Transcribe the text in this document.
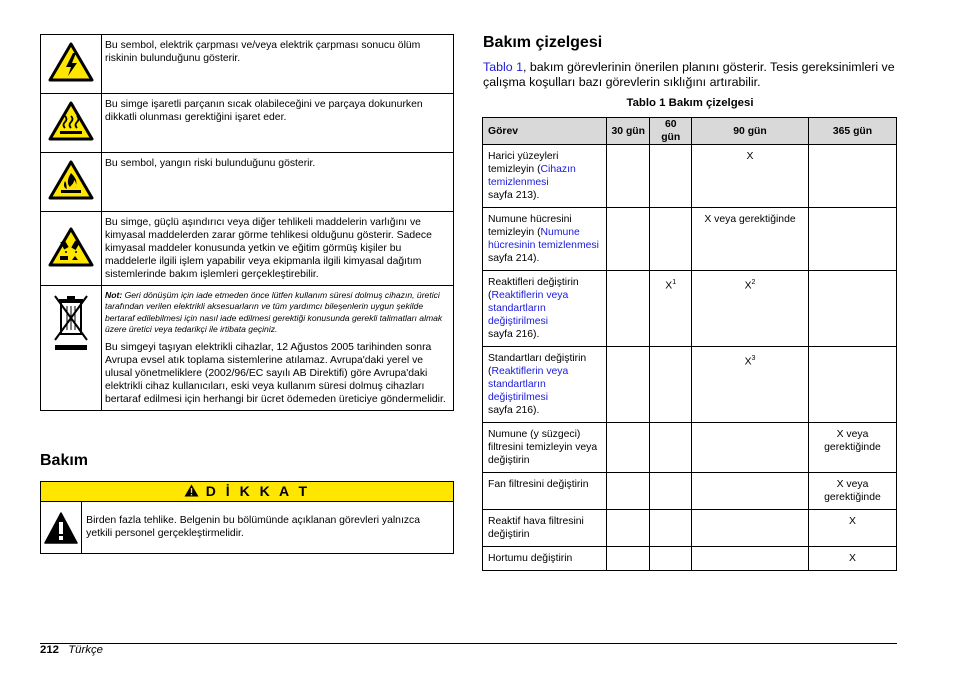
	Bu sembol, elektrik çarpması ve/veya elektrik çarpması sonucu ölüm riskinin bulunduğunu gösterir.
	Bu simge işaretli parçanın sıcak olabileceğini ve parçaya dokunurken dikkatli olunması gerektiğini işaret eder.
	Bu sembol, yangın riski bulunduğunu gösterir.
	Bu simge, güçlü aşındırıcı veya diğer tehlikeli maddelerin varlığını ve kimyasal maddelerden zarar görme tehlikesi olduğunu gösterir. Sadece kimyasal maddeler konusunda yetkin ve eğitim görmüş kişiler bu maddelerle ilgili işlem yapabilir veya ekipmanla ilgili kimyasal dağıtım sistemlerinde bakım işlemleri gerçekleştirebilir.

Not: Geri dönüşüm için iade etmeden önce lütfen kullanım süresi dolmuş cihazın, üretici tarafından verilen elektrikli aksesuarların ve tüm yardımcı bileşenlerin uygun şekilde bertaraf edilebilmesi için nasıl iade edilmesi gerektiği konusunda gerekli talimatları almak üzere üretici veya tedarikçi ile irtibata geçiniz.
Bu simgeyi taşıyan elektrikli cihazlar, 12 Ağustos 2005 tarihinden sonra Avrupa evsel atık toplama sistemlerine atılamaz. Avrupa'daki yerel ve ulusal yönetmeliklere (2002/96/EC sayılı AB Direktifi) göre Avrupa'daki elektrikli cihaz kullanıcıları, eski veya kullanım süresi dolmuş cihazları bertaraf edilmesi için herhangi bir ücret ödemeden üreticiye göndermelidir.
Bakım
D İ K K A T
Birden fazla tehlike. Belgenin bu bölümünde açıklanan görevleri yalnızca yetkili personel gerçekleştirmelidir.
Bakım çizelgesi
Tablo 1, bakım görevlerinin önerilen planını gösterir. Tesis gereksinimleri ve çalışma koşulları bazı görevlerin sıklığını artırabilir.
Tablo 1 Bakım çizelgesi
Görev	30 gün	60 gün	90 gün	365 gün
Harici yüzeyleri temizleyin (Cihazın temizlenmesi
sayfa 213).			X	
Numune hücresini temizleyin (Numune hücresinin temizlenmesi
sayfa 214).			X veya gerektiğinde	
Reaktifleri değiştirin (Reaktiflerin veya standartların değiştirilmesi
sayfa 216).		$X^1$	$X^2$	
Standartları değiştirin (Reaktiflerin veya standartların değiştirilmesi
sayfa 216).			$X^3$	
Numune (y süzgeci) filtresini temizleyin veya değiştirin				X veya gerektiğinde
Fan filtresini değiştirin				X veya gerektiğinde
Reaktif hava filtresini değiştirin				X
Hortumu değiştirin				X
212 Türkçe
